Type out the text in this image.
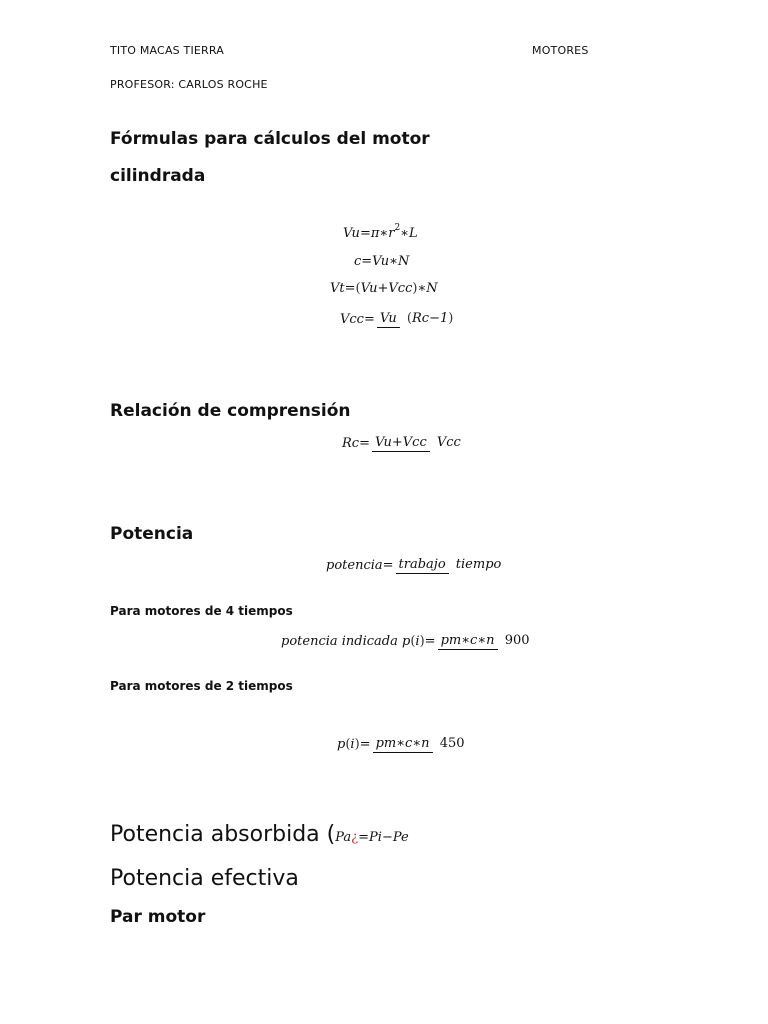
TITO MACAS TIERRA	MOTORES
PROFESOR: CARLOS ROCHE
Fórmulas para cálculos del motor
cilindrada
Vu =π∗r 2 ∗L
c=Vu∗N
Vt= ( Vu+Vcc ) ∗N
Vcc= Vu (Rc−1)
Relación de comprensión
Rc= Vu+Vcc Vcc
Potencia
potencia= trabajo tiempo
Para motores de 4 tiempos
potencia indicada p ( i ) = pm∗c∗n 900
Para motores de 2 tiempos
p ( i ) = pm∗c∗n 450
Potencia absorbida ( Pa ¿ =Pi−Pe
Potencia efectiva
Par motor
